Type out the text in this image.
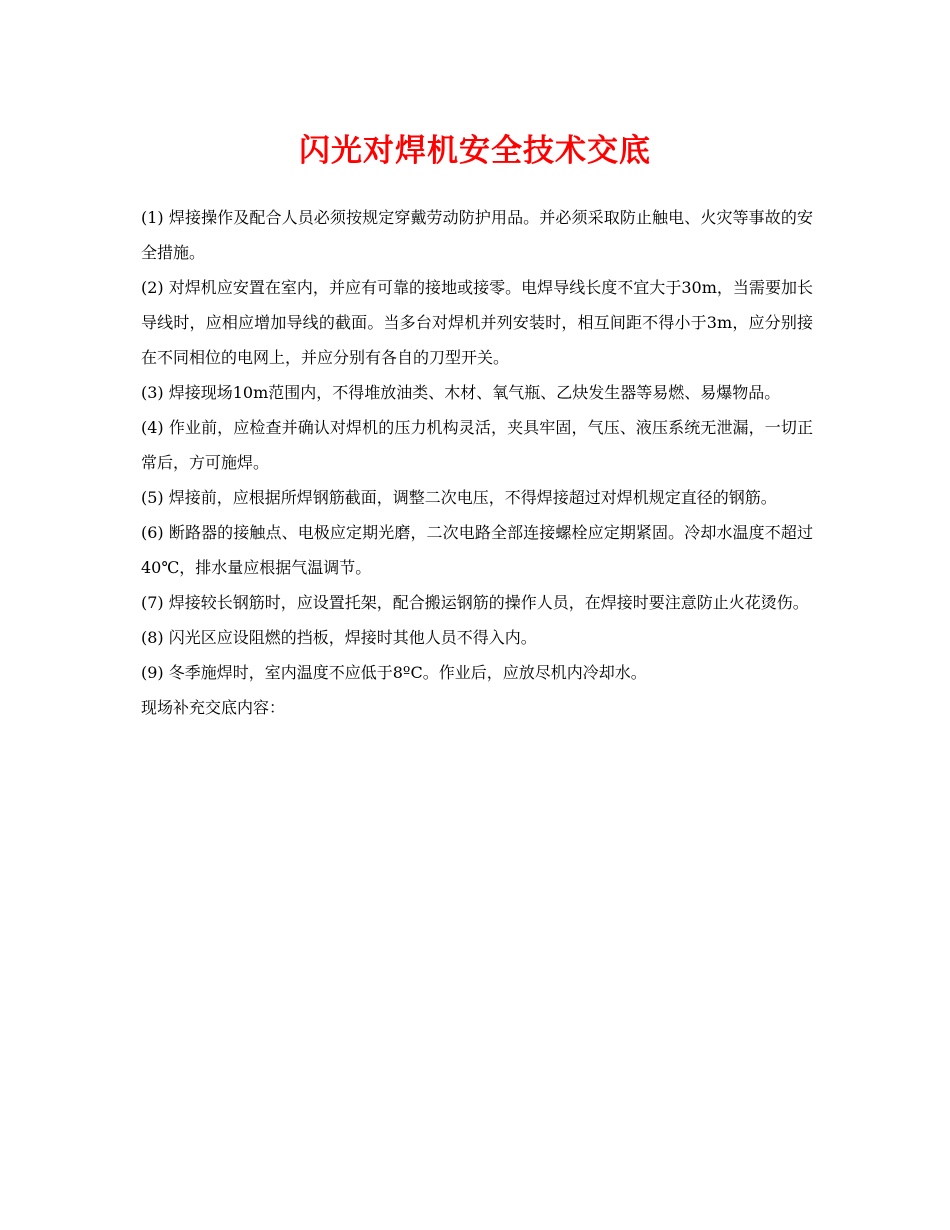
闪光对焊机安全技术交底

(1) 焊接操作及配合人员必须按规定穿戴劳动防护用品。并必须采取防止触电、火灾等事故的安全措施。

(2) 对焊机应安置在室内，并应有可靠的接地或接零。电焊导线长度不宜大于30m，当需要加长导线时，应相应增加导线的截面。当多台对焊机并列安装时，相互间距不得小于3m，应分别接在不同相位的电网上，并应分别有各自的刀型开关。

(3) 焊接现场10m范围内，不得堆放油类、木材、氧气瓶、乙炔发生器等易燃、易爆物品。

(4) 作业前，应检查并确认对焊机的压力机构灵活，夹具牢固，气压、液压系统无泄漏，一切正常后，方可施焊。

(5) 焊接前，应根据所焊钢筋截面，调整二次电压，不得焊接超过对焊机规定直径的钢筋。

(6) 断路器的接触点、电极应定期光磨，二次电路全部连接螺栓应定期紧固。冷却水温度不超过40℃，排水量应根据气温调节。

(7) 焊接较长钢筋时，应设置托架，配合搬运钢筋的操作人员，在焊接时要注意防止火花烫伤。

(8) 闪光区应设阻燃的挡板，焊接时其他人员不得入内。

(9) 冬季施焊时，室内温度不应低于8ºC。作业后，应放尽机内冷却水。

现场补充交底内容：
